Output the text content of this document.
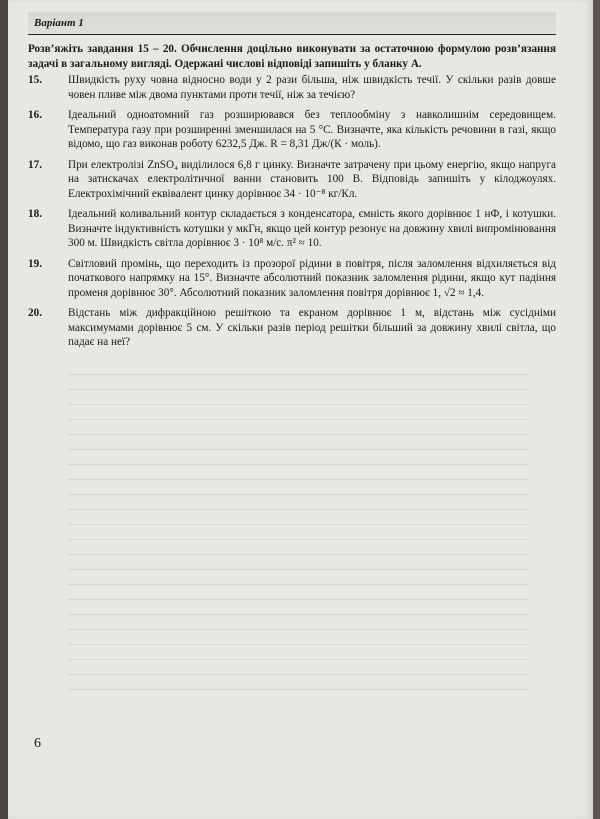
Варіант 1
Розв’яжіть завдання 15 – 20. Обчислення доцільно виконувати за остаточною формулою розв’язання задачі в загальному вигляді. Одержані числові відповіді запишіть у бланку А.
15.	Швидкість руху човна відносно води у 2 рази більша, ніж швидкість течії. У скільки разів довше човен пливе між двома пунктами проти течії, ніж за течією?
16.	Ідеальний одноатомний газ розширювався без теплообміну з навколишнім середовищем. Температура газу при розширенні зменшилася на 5 °C. Визначте, яка кількість речовини в газі, якщо відомо, що газ виконав роботу 6232,5 Дж. R = 8,31 Дж/(К · моль).
17.	При електролізі ZnSO₄ виділилося 6,8 г цинку. Визначте затрачену при цьому енергію, якщо напруга на затискачах електролітичної ванни становить 100 В. Відповідь запишіть у кілоджоулях. Електрохімічний еквівалент цинку дорівнює 34 · 10⁻⁸ кг/Кл.
18.	Ідеальний коливальний контур складається з конденсатора, ємність якого дорівнює 1 нФ, і котушки. Визначте індуктивність котушки у мкГн, якщо цей контур резонує на довжину хвилі випромінювання 300 м. Швидкість світла дорівнює 3 · 10⁸ м/с. π² ≈ 10.
19.	Світловий промінь, що переходить із прозорої рідини в повітря, після заломлення відхиляється від початкового напрямку на 15°. Визначте абсолютний показник заломлення рідини, якщо кут падіння променя дорівнює 30°. Абсолютний показник заломлення повітря дорівнює 1, √2 ≈ 1,4.
20.	Відстань між дифракційною решіткою та екраном дорівнює 1 м, відстань між сусідніми максимумами дорівнює 5 см. У скільки разів період решітки більший за довжину хвилі світла, що падає на неї?
6
